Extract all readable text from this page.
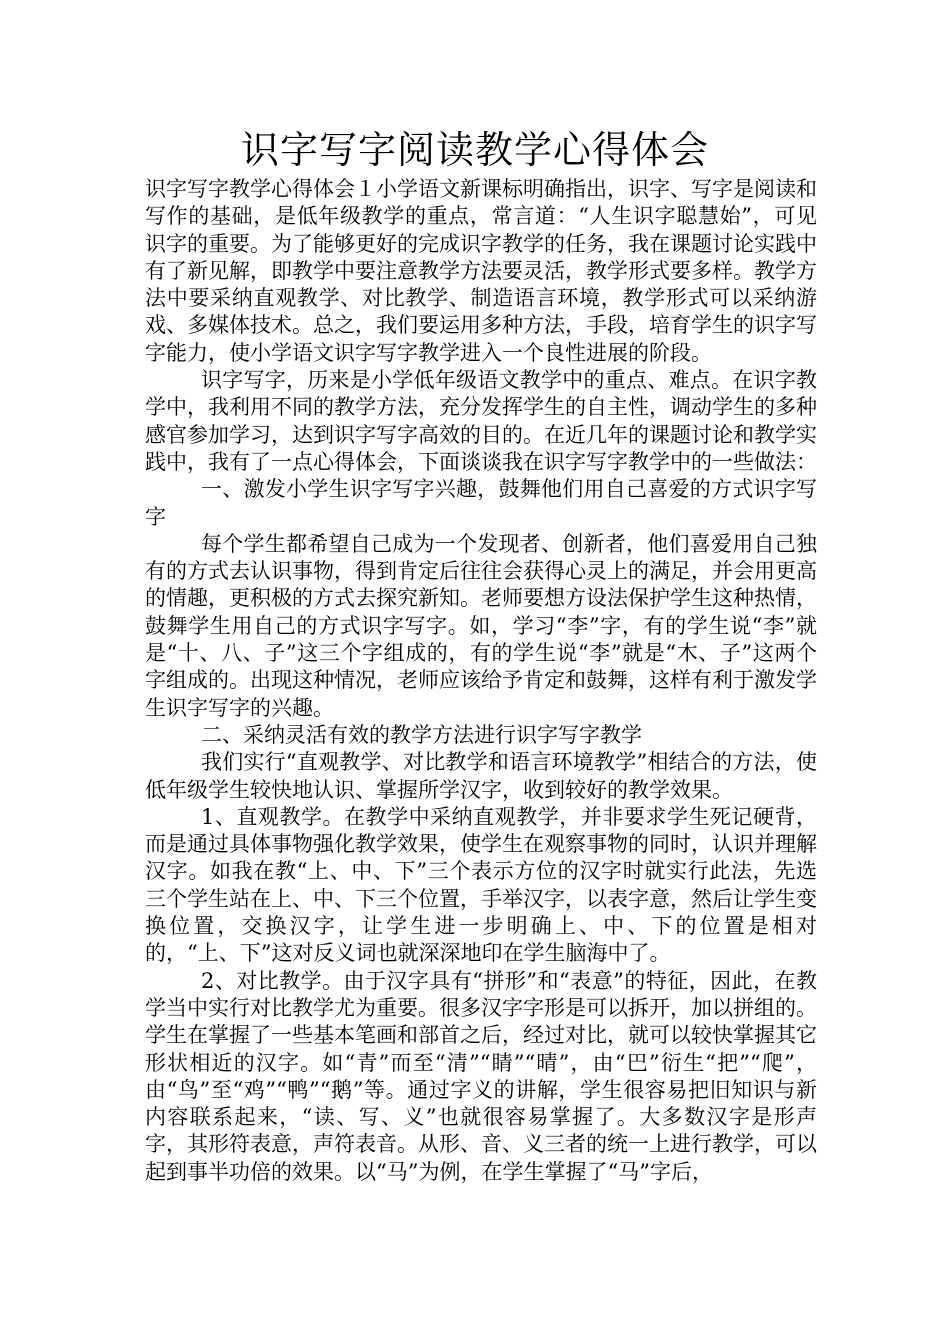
识字写字阅读教学心得体会

识字写字教学心得体会１小学语文新课标明确指出，识字、写字是阅读和写作的基础，是低年级教学的重点，常言道：“人生识字聪慧始”，可见识字的重要。为了能够更好的完成识字教学的任务，我在课题讨论实践中有了新见解，即教学中要注意教学方法要灵活，教学形式要多样。教学方法中要采纳直观教学、对比教学、制造语言环境，教学形式可以采纳游戏、多媒体技术。总之，我们要运用多种方法，手段，培育学生的识字写字能力，使小学语文识字写字教学进入一个良性进展的阶段。

识字写字，历来是小学低年级语文教学中的重点、难点。在识字教学中，我利用不同的教学方法，充分发挥学生的自主性，调动学生的多种感官参加学习，达到识字写字高效的目的。在近几年的课题讨论和教学实践中，我有了一点心得体会，下面谈谈我在识字写字教学中的一些做法：

一、激发小学生识字写字兴趣，鼓舞他们用自己喜爱的方式识字写字

每个学生都希望自己成为一个发现者、创新者，他们喜爱用自己独有的方式去认识事物，得到肯定后往往会获得心灵上的满足，并会用更高的情趣，更积极的方式去探究新知。老师要想方设法保护学生这种热情，鼓舞学生用自己的方式识字写字。如，学习“李”字，有的学生说“李”就是“十、八、子”这三个字组成的，有的学生说“李”就是“木、子”这两个字组成的。出现这种情况，老师应该给予肯定和鼓舞，这样有利于激发学生识字写字的兴趣。

二、采纳灵活有效的教学方法进行识字写字教学

我们实行“直观教学、对比教学和语言环境教学”相结合的方法，使低年级学生较快地认识、掌握所学汉字，收到较好的教学效果。

1、直观教学。在教学中采纳直观教学，并非要求学生死记硬背，而是通过具体事物强化教学效果，使学生在观察事物的同时，认识并理解汉字。如我在教“上、中、下”三个表示方位的汉字时就实行此法，先选三个学生站在上、中、下三个位置，手举汉字，以表字意，然后让学生变换位置，交换汉字，让学生进一步明确上、中、下的位置是相对的，“上、下”这对反义词也就深深地印在学生脑海中了。

2、对比教学。由于汉字具有“拼形”和“表意”的特征，因此，在教学当中实行对比教学尤为重要。很多汉字字形是可以拆开，加以拼组的。学生在掌握了一些基本笔画和部首之后，经过对比，就可以较快掌握其它形状相近的汉字。如“青”而至“清”“睛”“晴”，由“巴”衍生“把”“爬”，由“鸟”至“鸡”“鸭”“鹅”等。通过字义的讲解，学生很容易把旧知识与新内容联系起来，“读、写、义”也就很容易掌握了。大多数汉字是形声字，其形符表意，声符表音。从形、音、义三者的统一上进行教学，可以起到事半功倍的效果。以“马”为例，在学生掌握了“马”字后，
